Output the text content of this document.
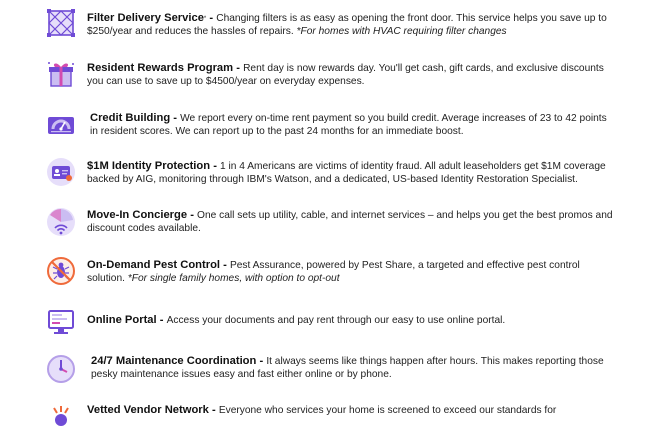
Filter Delivery Service* - Changing filters is as easy as opening the front door. This service helps you save up to $250/year and reduces the hassles of repairs. *For homes with HVAC requiring filter changes
Resident Rewards Program - Rent day is now rewards day. You'll get cash, gift cards, and exclusive discounts you can use to save up to $4500/year on everyday expenses.
Credit Building - We report every on-time rent payment so you build credit. Average increases of 23 to 42 points in resident scores. We can report up to the past 24 months for an immediate boost.
$1M Identity Protection - 1 in 4 Americans are victims of identity fraud. All adult leaseholders get $1M coverage backed by AIG, monitoring through IBM's Watson, and a dedicated, US-based Identity Restoration Specialist.
Move-In Concierge - One call sets up utility, cable, and internet services – and helps you get the best promos and discount codes available.
On-Demand Pest Control - Pest Assurance, powered by Pest Share, a targeted and effective pest control solution. *For single family homes, with option to opt-out
Online Portal - Access your documents and pay rent through our easy to use online portal.
24/7 Maintenance Coordination - It always seems like things happen after hours. This makes reporting those pesky maintenance issues easy and fast either online or by phone.
Vetted Vendor Network - Everyone who services your home is screened to exceed our standards for
